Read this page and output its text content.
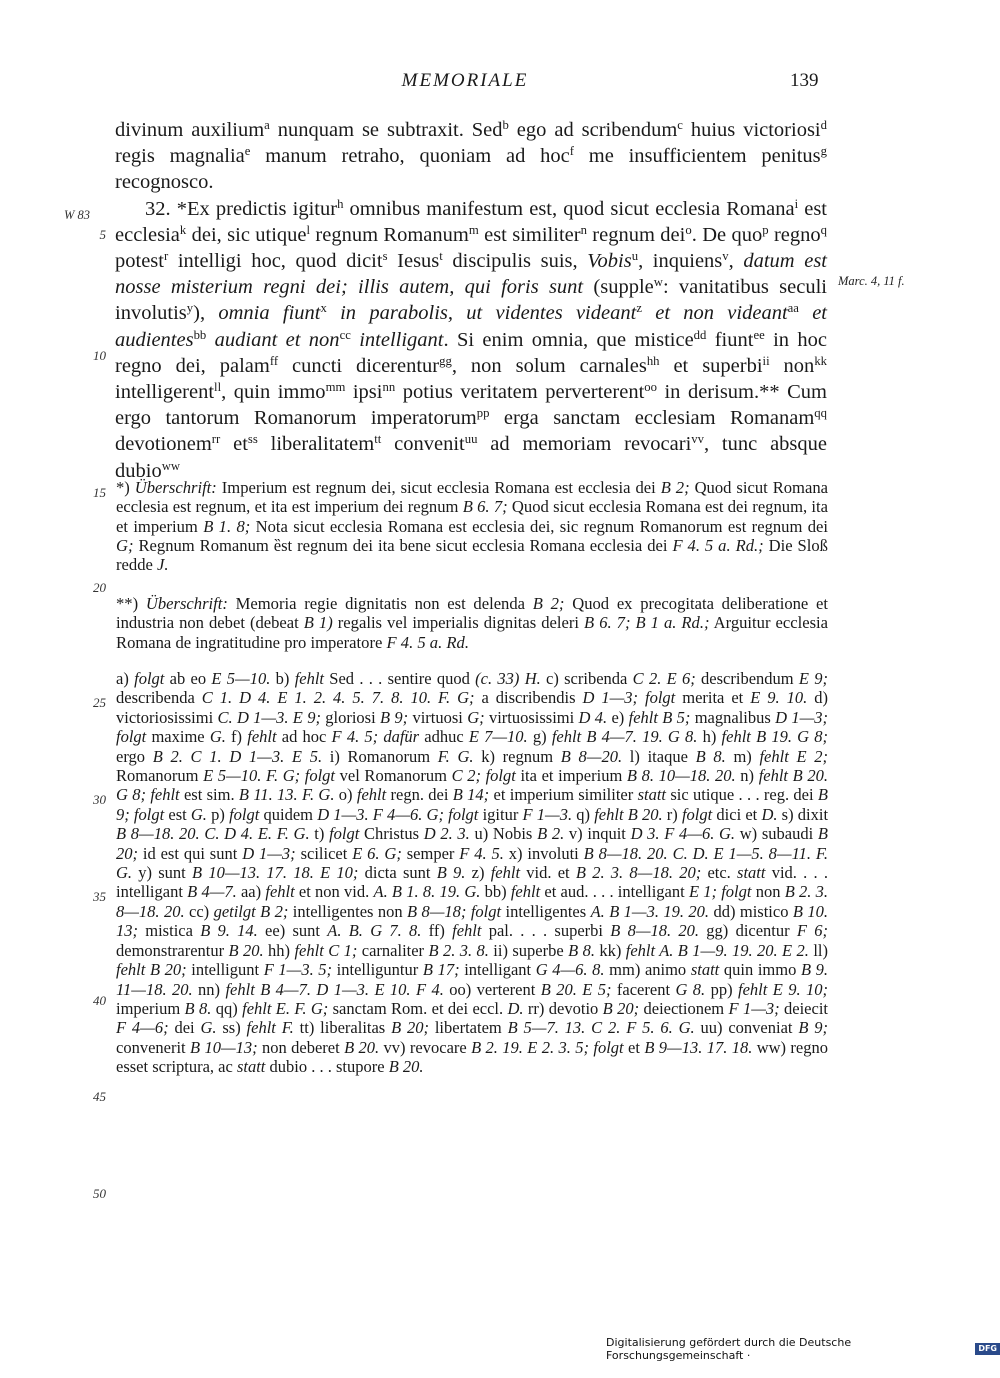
MEMORIALE	139
W 83
5
10
15
20
25
30
35
40
45
50
Marc. 4, 11 f.

divinum auxilium$^a$ nunquam se subtraxit. Sed$^b$ ego ad scribendum$^c$ huius victoriosi$^d$ regis magnalia$^e$ manum retraho, quoniam ad hoc$^f$ me insufficientem penitus$^g$ recognosco.
32. *Ex predictis igitur$^h$ omnibus manifestum est, quod sicut ecclesia Romana$^i$ est ecclesia$^k$ dei, sic utique$^l$ regnum Romanum$^m$ est similiter$^n$ regnum dei$^o$. De quo$^p$ regno$^q$ potest$^r$ intelligi hoc, quod dicit$^s$ Iesus$^t$ discipulis suis, Vobis$^u$, inquiens$^v$, datum est nosse misterium regni dei; illis autem, qui foris sunt (supple$^w$: vanitatibus seculi involutis$^y$), omnia fiunt$^x$ in parabolis, ut videntes videant$^z$ et non videant$^{aa}$ et audientes$^{bb}$ audiant et non$^{cc}$ intelligant. Si enim omnia, que mistice$^{dd}$ fiunt$^{ee}$ in hoc regno dei, palam$^{ff}$ cuncti dicerentur$^{gg}$, non solum carnales$^{hh}$ et superbi$^{ii}$ non$^{kk}$ intelligerent$^{ll}$, quin immo$^{mm}$ ipsi$^{nn}$ potius veritatem perverterent$^{oo}$ in derisum.** Cum ergo tantorum Romanorum imperatorum$^{pp}$ erga sanctam ecclesiam Romanam$^{qq}$ devotionem$^{rr}$ $et^{ss}$ liberalitatem$^{tt}$ convenit$^{uu}$ ad memoriam revocari$^{vv}$, tunc absque dubio$^{ww}$

*) Überschrift: Imperium est regnum dei, sicut ecclesia Romana est ecclesia dei B 2; Quod sicut Romana ecclesia est regnum, et ita est imperium dei regnum B 6. 7; Quod sicut ecclesia Romana est dei regnum, ita et imperium B 1. 8; Nota sicut ecclesia Romana est ecclesia dei, sic regnum Romanorum est regnum dei G; Regnum Romanum ȅst regnum dei ita bene sicut ecclesia Romana ecclesia dei F 4. 5 a. Rd.; Die Sloß redde J.

**) Überschrift: Memoria regie dignitatis non est delenda B 2; Quod ex precogitata deliberatione et industria non debet (debeat B 1) regalis vel imperialis dignitas deleri B 6. 7; B 1 a. Rd.; Arguitur ecclesia Romana de ingratitudine pro imperatore F 4. 5 a. Rd.

a) folgt ab eo E 5—10. b) fehlt Sed . . . sentire quod (c. 33) H. c) scribenda C 2. E 6; describendum E 9; describenda C 1. D 4. E 1. 2. 4. 5. 7. 8. 10. F. G; a discribendis D 1—3; folgt merita et E 9. 10. d) victoriosissimi C. D 1—3. E 9; gloriosi B 9; virtuosi G; virtuosissimi D 4. e) fehlt B 5; magnalibus D 1—3; folgt maxime G. f) fehlt ad hoc F 4. 5; dafür adhuc E 7—10. g) fehlt B 4—7. 19. G 8. h) fehlt B 19. G 8; ergo B 2. C 1. D 1—3. E 5. i) Romanorum F. G. k) regnum B 8—20. l) itaque B 8. m) fehlt E 2; Romanorum E 5—10. F. G; folgt vel Romanorum C 2; folgt ita et imperium B 8. 10—18. 20. n) fehlt B 20. G 8; fehlt est sim. B 11. 13. F. G. o) fehlt regn. dei B 14; et imperium similiter statt sic utique . . . reg. dei B 9; folgt est G. p) folgt quidem D 1—3. F 4—6. G; folgt igitur F 1—3. q) fehlt B 20. r) folgt dici et D. s) dixit B 8—18. 20. C. D 4. E. F. G. t) folgt Christus D 2. 3. u) Nobis B 2. v) inquit D 3. F 4—6. G. w) subaudi B 20; id est qui sunt D 1—3; scilicet E 6. G; semper F 4. 5. x) involuti B 8—18. 20. C. D. E 1—5. 8—11. F. G. y) sunt B 10—13. 17. 18. E 10; dicta sunt B 9. z) fehlt vid. et B 2. 3. 8—18. 20; etc. statt vid. . . . intelligant B 4—7. aa) fehlt et non vid. A. B 1. 8. 19. G. bb) fehlt et aud. . . . intelligant E 1; folgt non B 2. 3. 8—18. 20. cc) getilgt B 2; intelligentes non B 8—18; folgt intelligentes A. B 1—3. 19. 20. dd) mistico B 10. 13; mistica B 9. 14. ee) sunt A. B. G 7. 8. ff) fehlt pal. . . . superbi B 8—18. 20. gg) dicentur F 6; demonstrarentur B 20. hh) fehlt C 1; carnaliter B 2. 3. 8. ii) superbe B 8. kk) fehlt A. B 1—9. 19. 20. E 2. ll) fehlt B 20; intelligunt F 1—3. 5; intelliguntur B 17; intelligant G 4—6. 8. mm) animo statt quin immo B 9. 11—18. 20. nn) fehlt B 4—7. D 1—3. E 10. F 4. oo) verterent B 20. E 5; facerent G 8. pp) fehlt E 9. 10; imperium B 8. qq) fehlt E. F. G; sanctam Rom. et dei eccl. D. rr) devotio B 20; deiectionem F 1—3; deiecit F 4—6; dei G. ss) fehlt F. tt) liberalitas B 20; libertatem B 5—7. 13. C 2. F 5. 6. G. uu) conveniat B 9; convenerit B 10—13; non deberet B 20. vv) revocare B 2. 19. E 2. 3. 5; folgt et B 9—13. 17. 18. ww) regno esset scriptura, ac statt dubio . . . stupore B 20.

Digitalisierung gefördert durch die Deutsche Forschungsgemeinschaft ·
DFG
